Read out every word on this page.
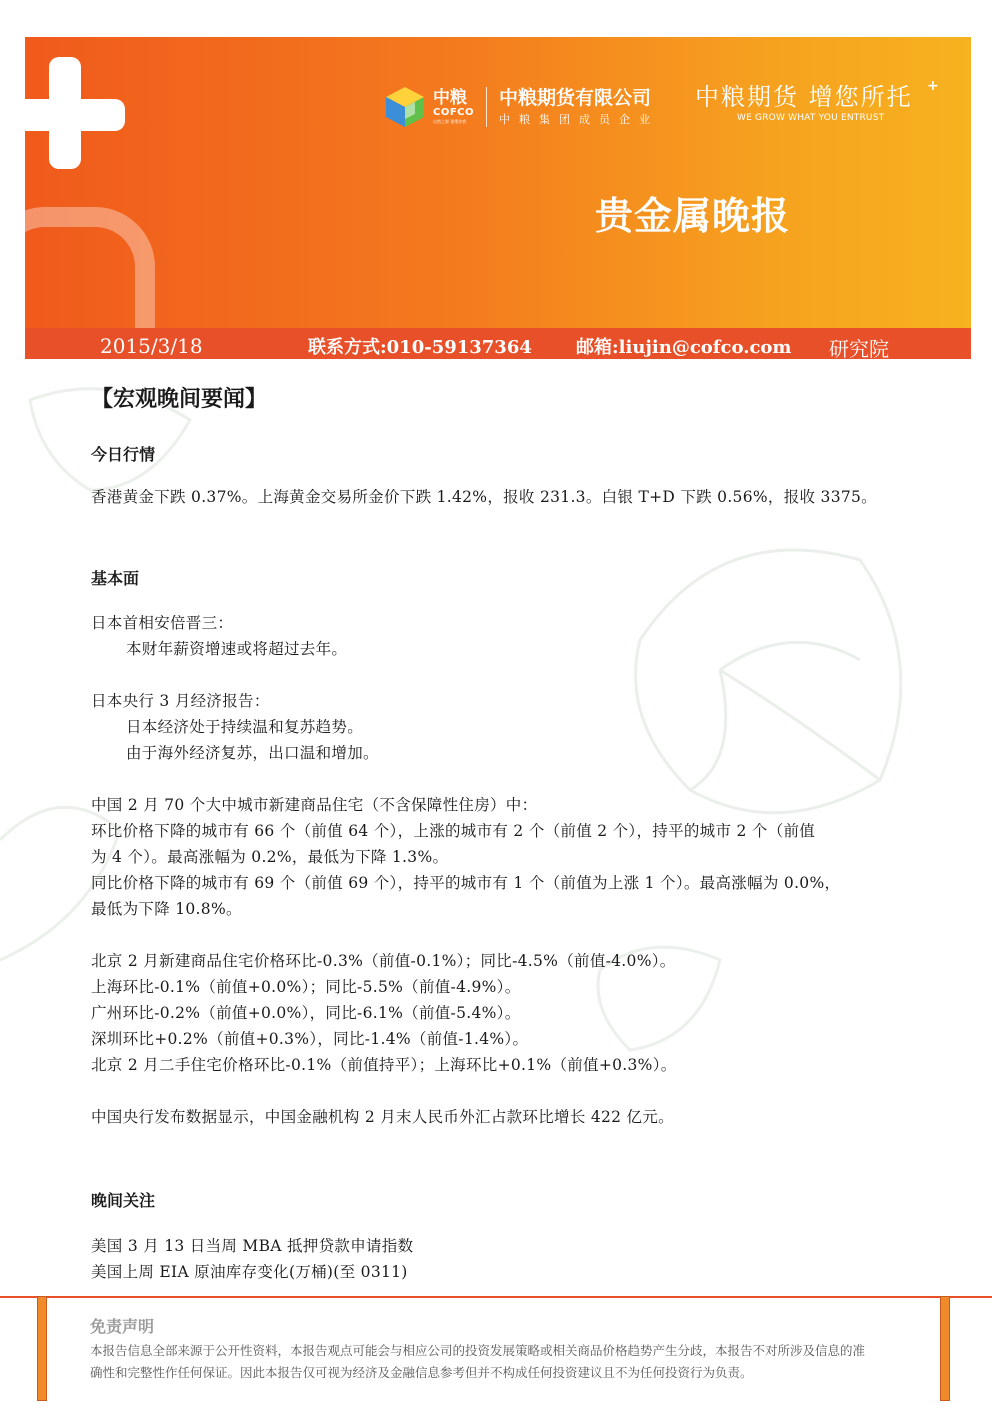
中粮
COFCO
自然之源 重塑你我
中粮期货有限公司
中粮集团成员企业
中粮期货 增您所托 +
WE GROW WHAT YOU ENTRUST
贵金属晚报
2015/3/18	联系方式:010-59137364 邮箱:liujin@cofco.com 研究院
【宏观晚间要闻】
今日行情
香港黄金下跌 0.37%。上海黄金交易所金价下跌 1.42%，报收 231.3。白银 T+D 下跌 0.56%，报收 3375。
基本面
日本首相安倍晋三：
本财年薪资增速或将超过去年。
日本央行 3 月经济报告：
日本经济处于持续温和复苏趋势。
由于海外经济复苏，出口温和增加。
中国 2 月 70 个大中城市新建商品住宅（不含保障性住房）中：
环比价格下降的城市有 66 个（前值 64 个），上涨的城市有 2 个（前值 2 个），持平的城市 2 个（前值
为 4 个）。最高涨幅为 0.2%，最低为下降 1.3%。
同比价格下降的城市有 69 个（前值 69 个），持平的城市有 1 个（前值为上涨 1 个）。最高涨幅为 0.0%，
最低为下降 10.8%。
北京 2 月新建商品住宅价格环比-0.3%（前值-0.1%）；同比-4.5%（前值-4.0%）。
上海环比-0.1%（前值+0.0%）；同比-5.5%（前值-4.9%）。
广州环比-0.2%（前值+0.0%），同比-6.1%（前值-5.4%）。
深圳环比+0.2%（前值+0.3%），同比-1.4%（前值-1.4%）。
北京 2 月二手住宅价格环比-0.1%（前值持平）；上海环比+0.1%（前值+0.3%）。
中国央行发布数据显示，中国金融机构 2 月末人民币外汇占款环比增长 422 亿元。
晚间关注
美国 3 月 13 日当周 MBA 抵押贷款申请指数
美国上周 EIA 原油库存变化(万桶)(至 0311)
免责声明
本报告信息全部来源于公开性资料，本报告观点可能会与相应公司的投资发展策略或相关商品价格趋势产生分歧，本报告不对所涉及信息的准
确性和完整性作任何保证。因此本报告仅可视为经济及金融信息参考但并不构成任何投资建议且不为任何投资行为负责。
